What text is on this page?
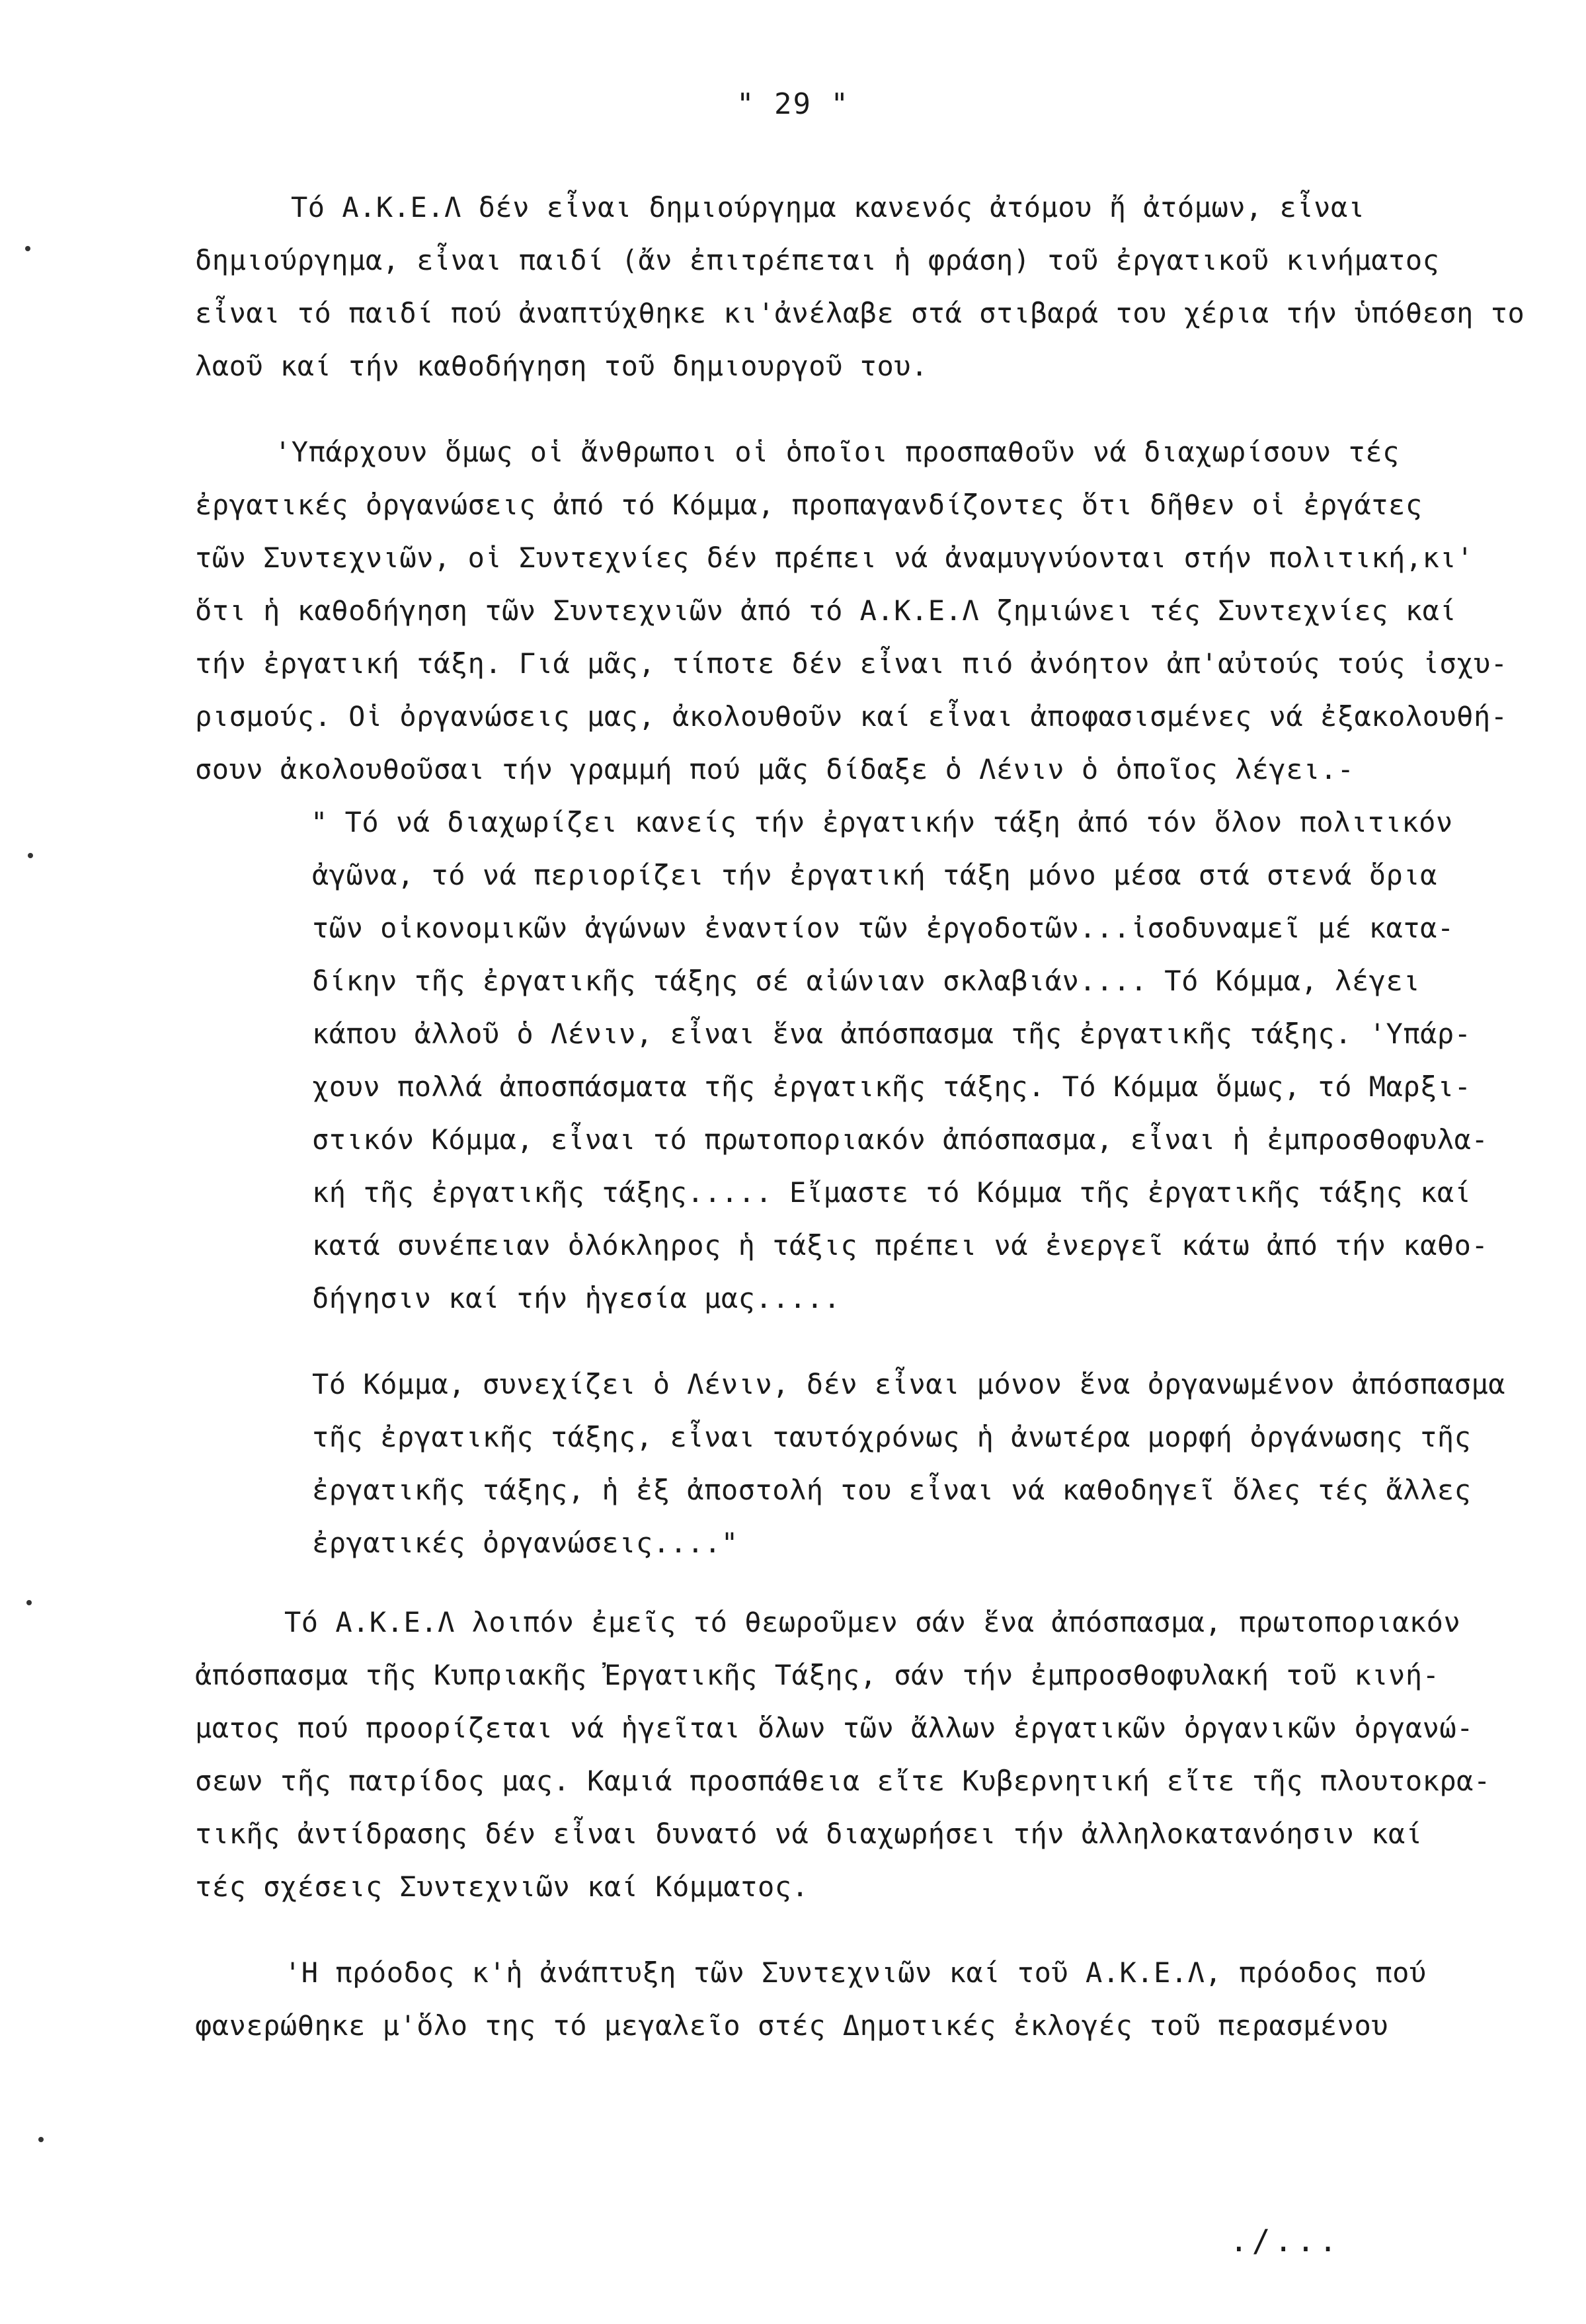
" 29 "
Τό Α.Κ.Ε.Λ δέν εἶναι δημιούργημα κανενός ἀτόμου ἤ ἀτόμων, εἶναι
δημιούργημα, εἶναι παιδί (ἄν ἐπιτρέπεται ἡ φράση) τοῦ ἐργατικοῦ κινήματος
εἶναι τό παιδί πού ἀναπτύχθηκε κι'ἀνέλαβε στά στιβαρά του χέρια τήν ὑπόθεση το
λαοῦ καί τήν καθοδήγηση τοῦ δημιουργοῦ του.
'Υπάρχουν ὅμως οἱ ἄνθρωποι οἱ ὁποῖοι προσπαθοῦν νά διαχωρίσουν τές
ἐργατικές ὀργανώσεις ἀπό τό Κόμμα, προπαγανδίζοντες ὅτι δῆθεν οἱ ἐργάτες
τῶν Συντεχνιῶν, οἱ Συντεχνίες δέν πρέπει νά ἀναμυγνύονται στήν πολιτική,κι'
ὅτι ἡ καθοδήγηση τῶν Συντεχνιῶν ἀπό τό Α.Κ.Ε.Λ ζημιώνει τές Συντεχνίες καί
τήν ἐργατική τάξη. Γιά μᾶς, τίποτε δέν εἶναι πιό ἀνόητον ἀπ'αὐτούς τούς ἰσχυ-
ρισμούς. Οἱ ὀργανώσεις μας, ἀκολουθοῦν καί εἶναι ἀποφασισμένες νά ἐξακολουθή-
σουν ἀκολουθοῦσαι τήν γραμμή πού μᾶς δίδαξε ὁ Λένιν ὁ ὁποῖος λέγει.-
" Τό νά διαχωρίζει κανείς τήν ἐργατικήν τάξη ἀπό τόν ὅλον πολιτικόν
ἀγῶνα, τό νά περιορίζει τήν ἐργατική τάξη μόνο μέσα στά στενά ὅρια
τῶν οἰκονομικῶν ἀγώνων ἐναντίον τῶν ἐργοδοτῶν...ἰσοδυναμεῖ μέ κατα-
δίκην τῆς ἐργατικῆς τάξης σέ αἰώνιαν σκλαβιάν.... Τό Κόμμα, λέγει
κάπου ἀλλοῦ ὁ Λένιν, εἶναι ἕνα ἀπόσπασμα τῆς ἐργατικῆς τάξης. 'Υπάρ-
χουν πολλά ἀποσπάσματα τῆς ἐργατικῆς τάξης. Τό Κόμμα ὅμως, τό Μαρξι-
στικόν Κόμμα, εἶναι τό πρωτοποριακόν ἀπόσπασμα, εἶναι ἡ ἐμπροσθοφυλα-
κή τῆς ἐργατικῆς τάξης..... Εἴμαστε τό Κόμμα τῆς ἐργατικῆς τάξης καί
κατά συνέπειαν ὁλόκληρος ἡ τάξις πρέπει νά ἐνεργεῖ κάτω ἀπό τήν καθο-
δήγησιν καί τήν ἡγεσία μας.....
Τό Κόμμα, συνεχίζει ὁ Λένιν, δέν εἶναι μόνον ἕνα ὀργανωμένον ἀπόσπασμα
τῆς ἐργατικῆς τάξης, εἶναι ταυτόχρόνως ἡ ἀνωτέρα μορφή ὀργάνωσης τῆς
ἐργατικῆς τάξης, ἡ ἐξ ἀποστολή του εἶναι νά καθοδηγεῖ ὅλες τές ἄλλες
ἐργατικές ὀργανώσεις...."
Τό Α.Κ.Ε.Λ λοιπόν ἐμεῖς τό θεωροῦμεν σάν ἕνα ἀπόσπασμα, πρωτοποριακόν
ἀπόσπασμα τῆς Κυπριακῆς Ἐργατικῆς Τάξης, σάν τήν ἐμπροσθοφυλακή τοῦ κινή-
ματος πού προορίζεται νά ἡγεῖται ὅλων τῶν ἄλλων ἐργατικῶν ὀργανικῶν ὀργανώ-
σεων τῆς πατρίδος μας. Καμιά προσπάθεια εἴτε Κυβερνητική εἴτε τῆς πλουτοκρα-
τικῆς ἀντίδρασης δέν εἶναι δυνατό νά διαχωρήσει τήν ἀλληλοκατανόησιν καί
τές σχέσεις Συντεχνιῶν καί Κόμματος.
'Η πρόοδος κ'ἡ ἀνάπτυξη τῶν Συντεχνιῶν καί τοῦ Α.Κ.Ε.Λ, πρόοδος πού
φανερώθηκε μ'ὅλο της τό μεγαλεῖο στές Δημοτικές ἐκλογές τοῦ περασμένου
./...
